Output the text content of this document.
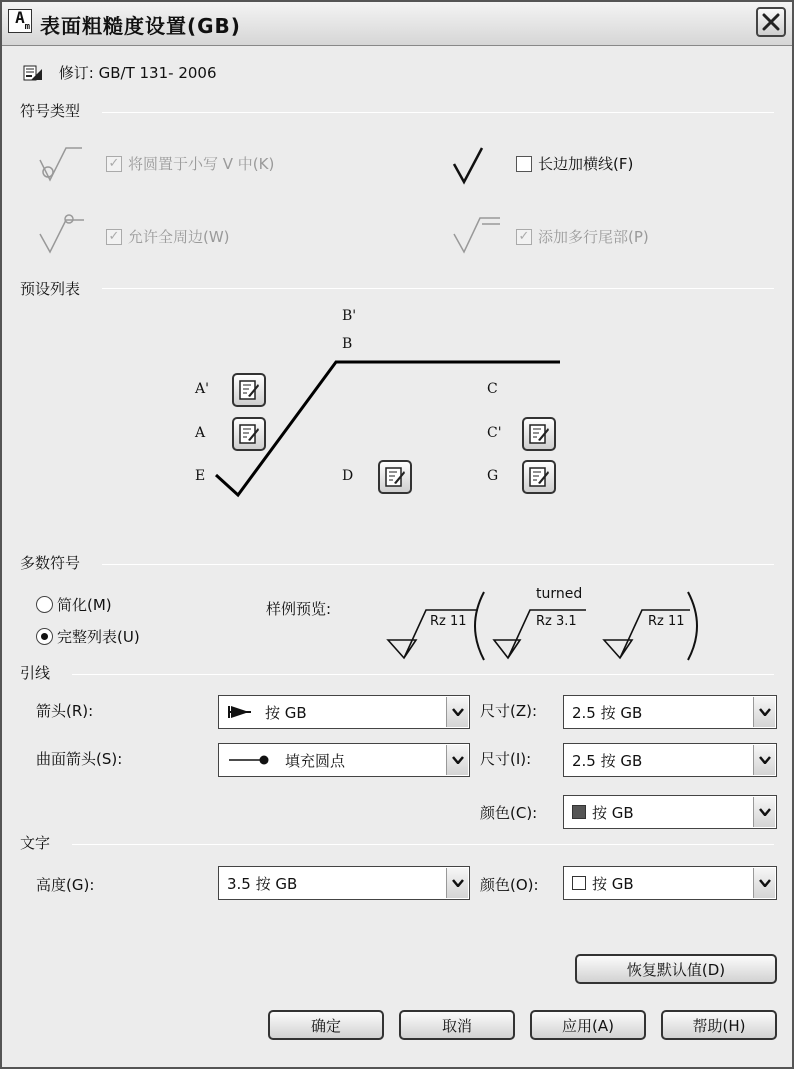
A m 表面粗糙度设置(GB)
修订: GB/T 131- 2006
符号类型
✓ 将圆置于小写 V 中(K)	长边加横线(F)
✓ 允许全周边(W)	✓ 添加多行尾部(P)
预设列表
B'
B
A'
A
E
C
C'
D	G
多数符号
简化(M)
完整列表(U)
样例预览:
turned
Rz 11	Rz 3.1	Rz 11
引线
箭头(R):	按 GB	尺寸(Z): 2.5 按 GB
曲面箭头(S):	填充圆点	尺寸(I):	2.5 按 GB
颜色(C):	按 GB
文字
高度(G):	3.5 按 GB	颜色(O):	按 GB
恢复默认值(D)
确定	取消	应用(A)	帮助(H)
